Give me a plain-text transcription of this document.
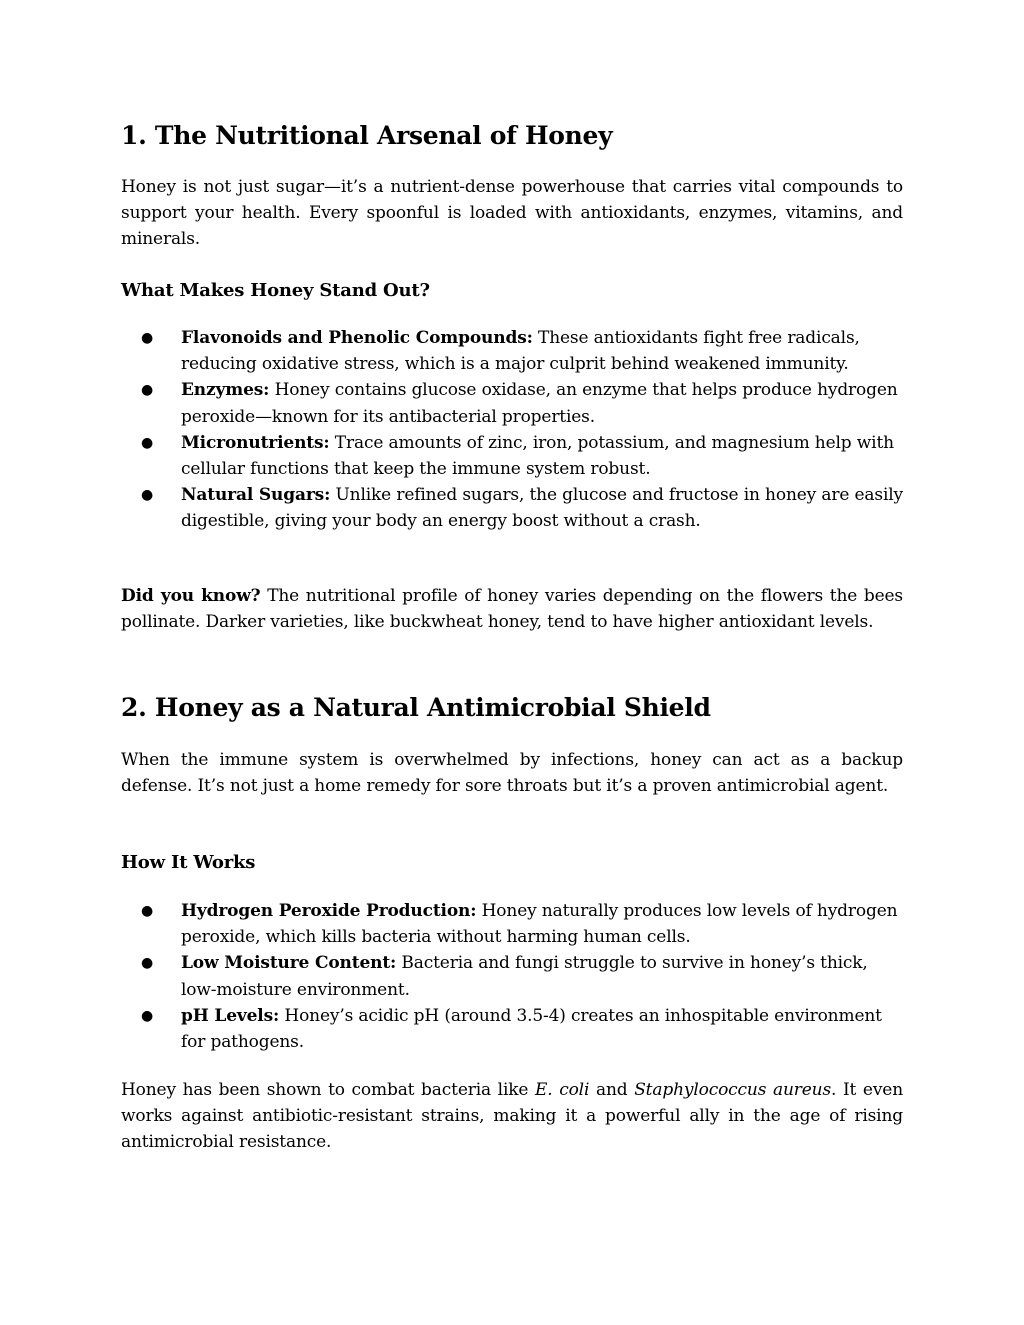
1. The Nutritional Arsenal of Honey

Honey is not just sugar—it’s a nutrient-dense powerhouse that carries vital compounds to support your health. Every spoonful is loaded with antioxidants, enzymes, vitamins, and minerals.

What Makes Honey Stand Out?
● Flavonoids and Phenolic Compounds: These antioxidants fight free radicals, reducing oxidative stress, which is a major culprit behind weakened immunity.
● Enzymes: Honey contains glucose oxidase, an enzyme that helps produce hydrogen peroxide—known for its antibacterial properties.
● Micronutrients: Trace amounts of zinc, iron, potassium, and magnesium help with cellular functions that keep the immune system robust.
● Natural Sugars: Unlike refined sugars, the glucose and fructose in honey are easily digestible, giving your body an energy boost without a crash.

Did you know? The nutritional profile of honey varies depending on the flowers the bees pollinate. Darker varieties, like buckwheat honey, tend to have higher antioxidant levels.

2. Honey as a Natural Antimicrobial Shield

When the immune system is overwhelmed by infections, honey can act as a backup defense. It’s not just a home remedy for sore throats but it’s a proven antimicrobial agent.

How It Works
● Hydrogen Peroxide Production: Honey naturally produces low levels of hydrogen peroxide, which kills bacteria without harming human cells.
● Low Moisture Content: Bacteria and fungi struggle to survive in honey’s thick, low-moisture environment.
● pH Levels: Honey’s acidic pH (around 3.5-4) creates an inhospitable environment for pathogens.

Honey has been shown to combat bacteria like E. coli and Staphylococcus aureus. It even works against antibiotic-resistant strains, making it a powerful ally in the age of rising antimicrobial resistance.
